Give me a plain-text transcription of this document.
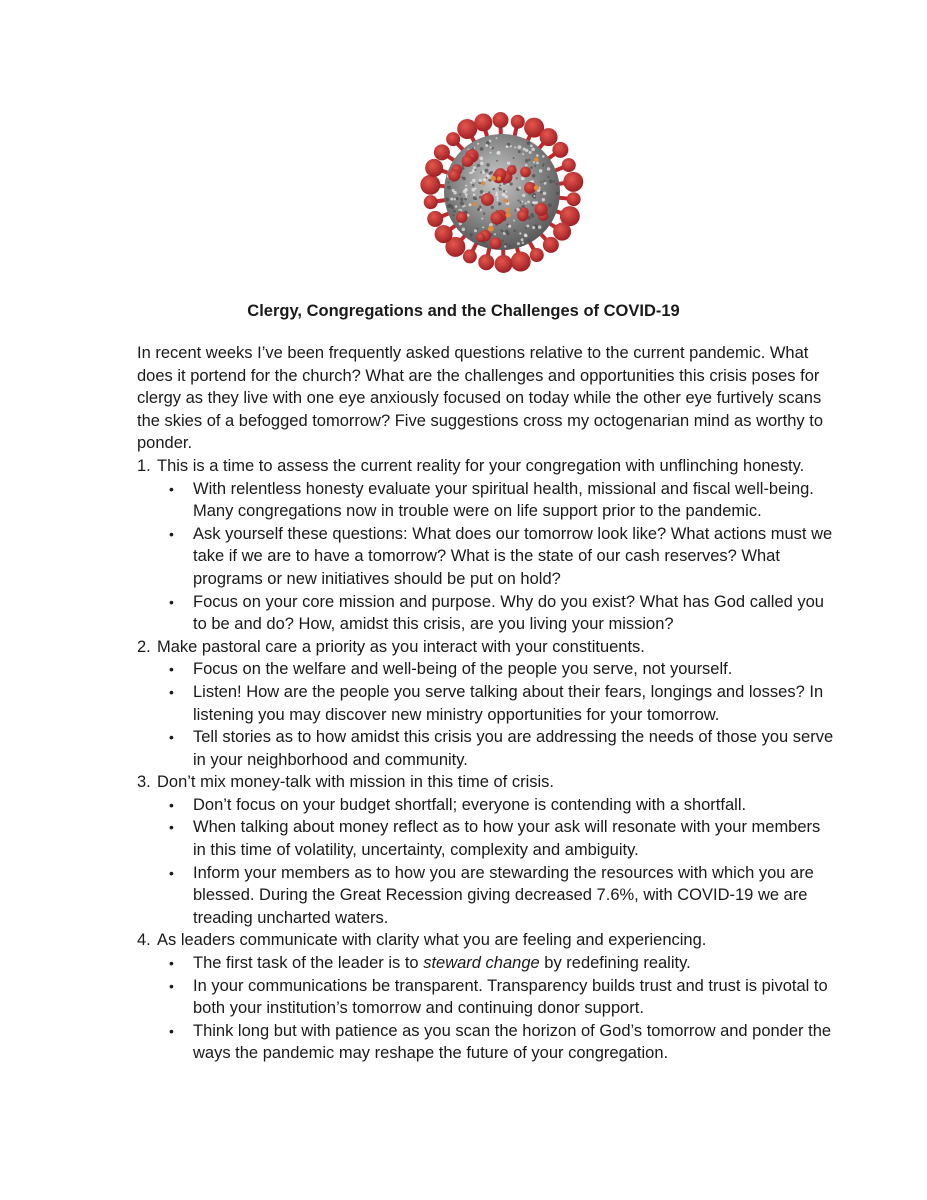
Clergy, Congregations and the Challenges of COVID-19

In recent weeks I’ve been frequently asked questions relative to the current pandemic. What does it portend for the church? What are the challenges and opportunities this crisis poses for clergy as they live with one eye anxiously focused on today while the other eye furtively scans the skies of a befogged tomorrow? Five suggestions cross my octogenarian mind as worthy to ponder.

1. This is a time to assess the current reality for your congregation with unflinching honesty.
• With relentless honesty evaluate your spiritual health, missional and fiscal well-being. Many congregations now in trouble were on life support prior to the pandemic.
• Ask yourself these questions: What does our tomorrow look like? What actions must we take if we are to have a tomorrow? What is the state of our cash reserves? What programs or new initiatives should be put on hold?
• Focus on your core mission and purpose. Why do you exist? What has God called you to be and do? How, amidst this crisis, are you living your mission?
2. Make pastoral care a priority as you interact with your constituents.
• Focus on the welfare and well-being of the people you serve, not yourself.
• Listen! How are the people you serve talking about their fears, longings and losses? In listening you may discover new ministry opportunities for your tomorrow.
• Tell stories as to how amidst this crisis you are addressing the needs of those you serve in your neighborhood and community.
3. Don’t mix money-talk with mission in this time of crisis.
• Don’t focus on your budget shortfall; everyone is contending with a shortfall.
• When talking about money reflect as to how your ask will resonate with your members in this time of volatility, uncertainty, complexity and ambiguity.
• Inform your members as to how you are stewarding the resources with which you are blessed. During the Great Recession giving decreased 7.6%, with COVID-19 we are treading uncharted waters.
4. As leaders communicate with clarity what you are feeling and experiencing.
• The first task of the leader is to steward change by redefining reality.
• In your communications be transparent. Transparency builds trust and trust is pivotal to both your institution’s tomorrow and continuing donor support.
• Think long but with patience as you scan the horizon of God’s tomorrow and ponder the ways the pandemic may reshape the future of your congregation.
